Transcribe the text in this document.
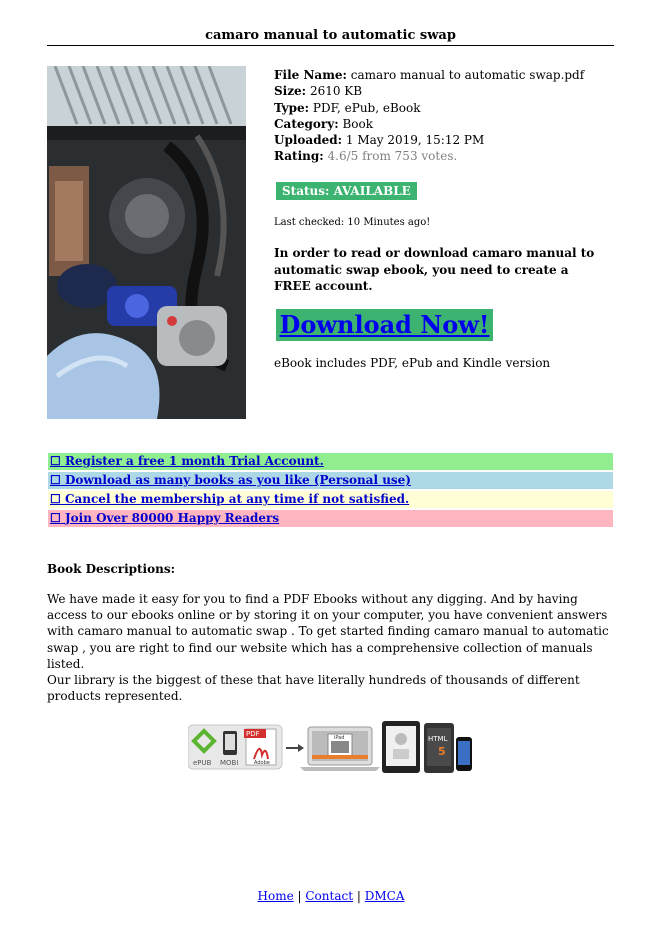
camaro manual to automatic swap
File Name: camaro manual to automatic swap.pdf
Size: 2610 KB
Type: PDF, ePub, eBook
Category: Book
Uploaded: 1 May 2019, 15:12 PM
Rating: 4.6/5 from 753 votes.
Status: AVAILABLE
Last checked: 10 Minutes ago!
In order to read or download camaro manual to automatic swap ebook, you need to create a FREE account.
Download Now!
eBook includes PDF, ePub and Kindle version
☐ Register a free 1 month Trial Account.
☐ Download as many books as you like (Personal use)
☐ Cancel the membership at any time if not satisfied.
☐ Join Over 80000 Happy Readers
Book Descriptions:
We have made it easy for you to find a PDF Ebooks without any digging. And by having access to our ebooks online or by storing it on your computer, you have convenient answers with camaro manual to automatic swap . To get started finding camaro manual to automatic swap , you are right to find our website which has a comprehensive collection of manuals listed.
Our library is the biggest of these that have literally hundreds of thousands of different products represented.
ePUB MOBI
PDF
Adobe
iPad	HTML
5
Home | Contact | DMCA
